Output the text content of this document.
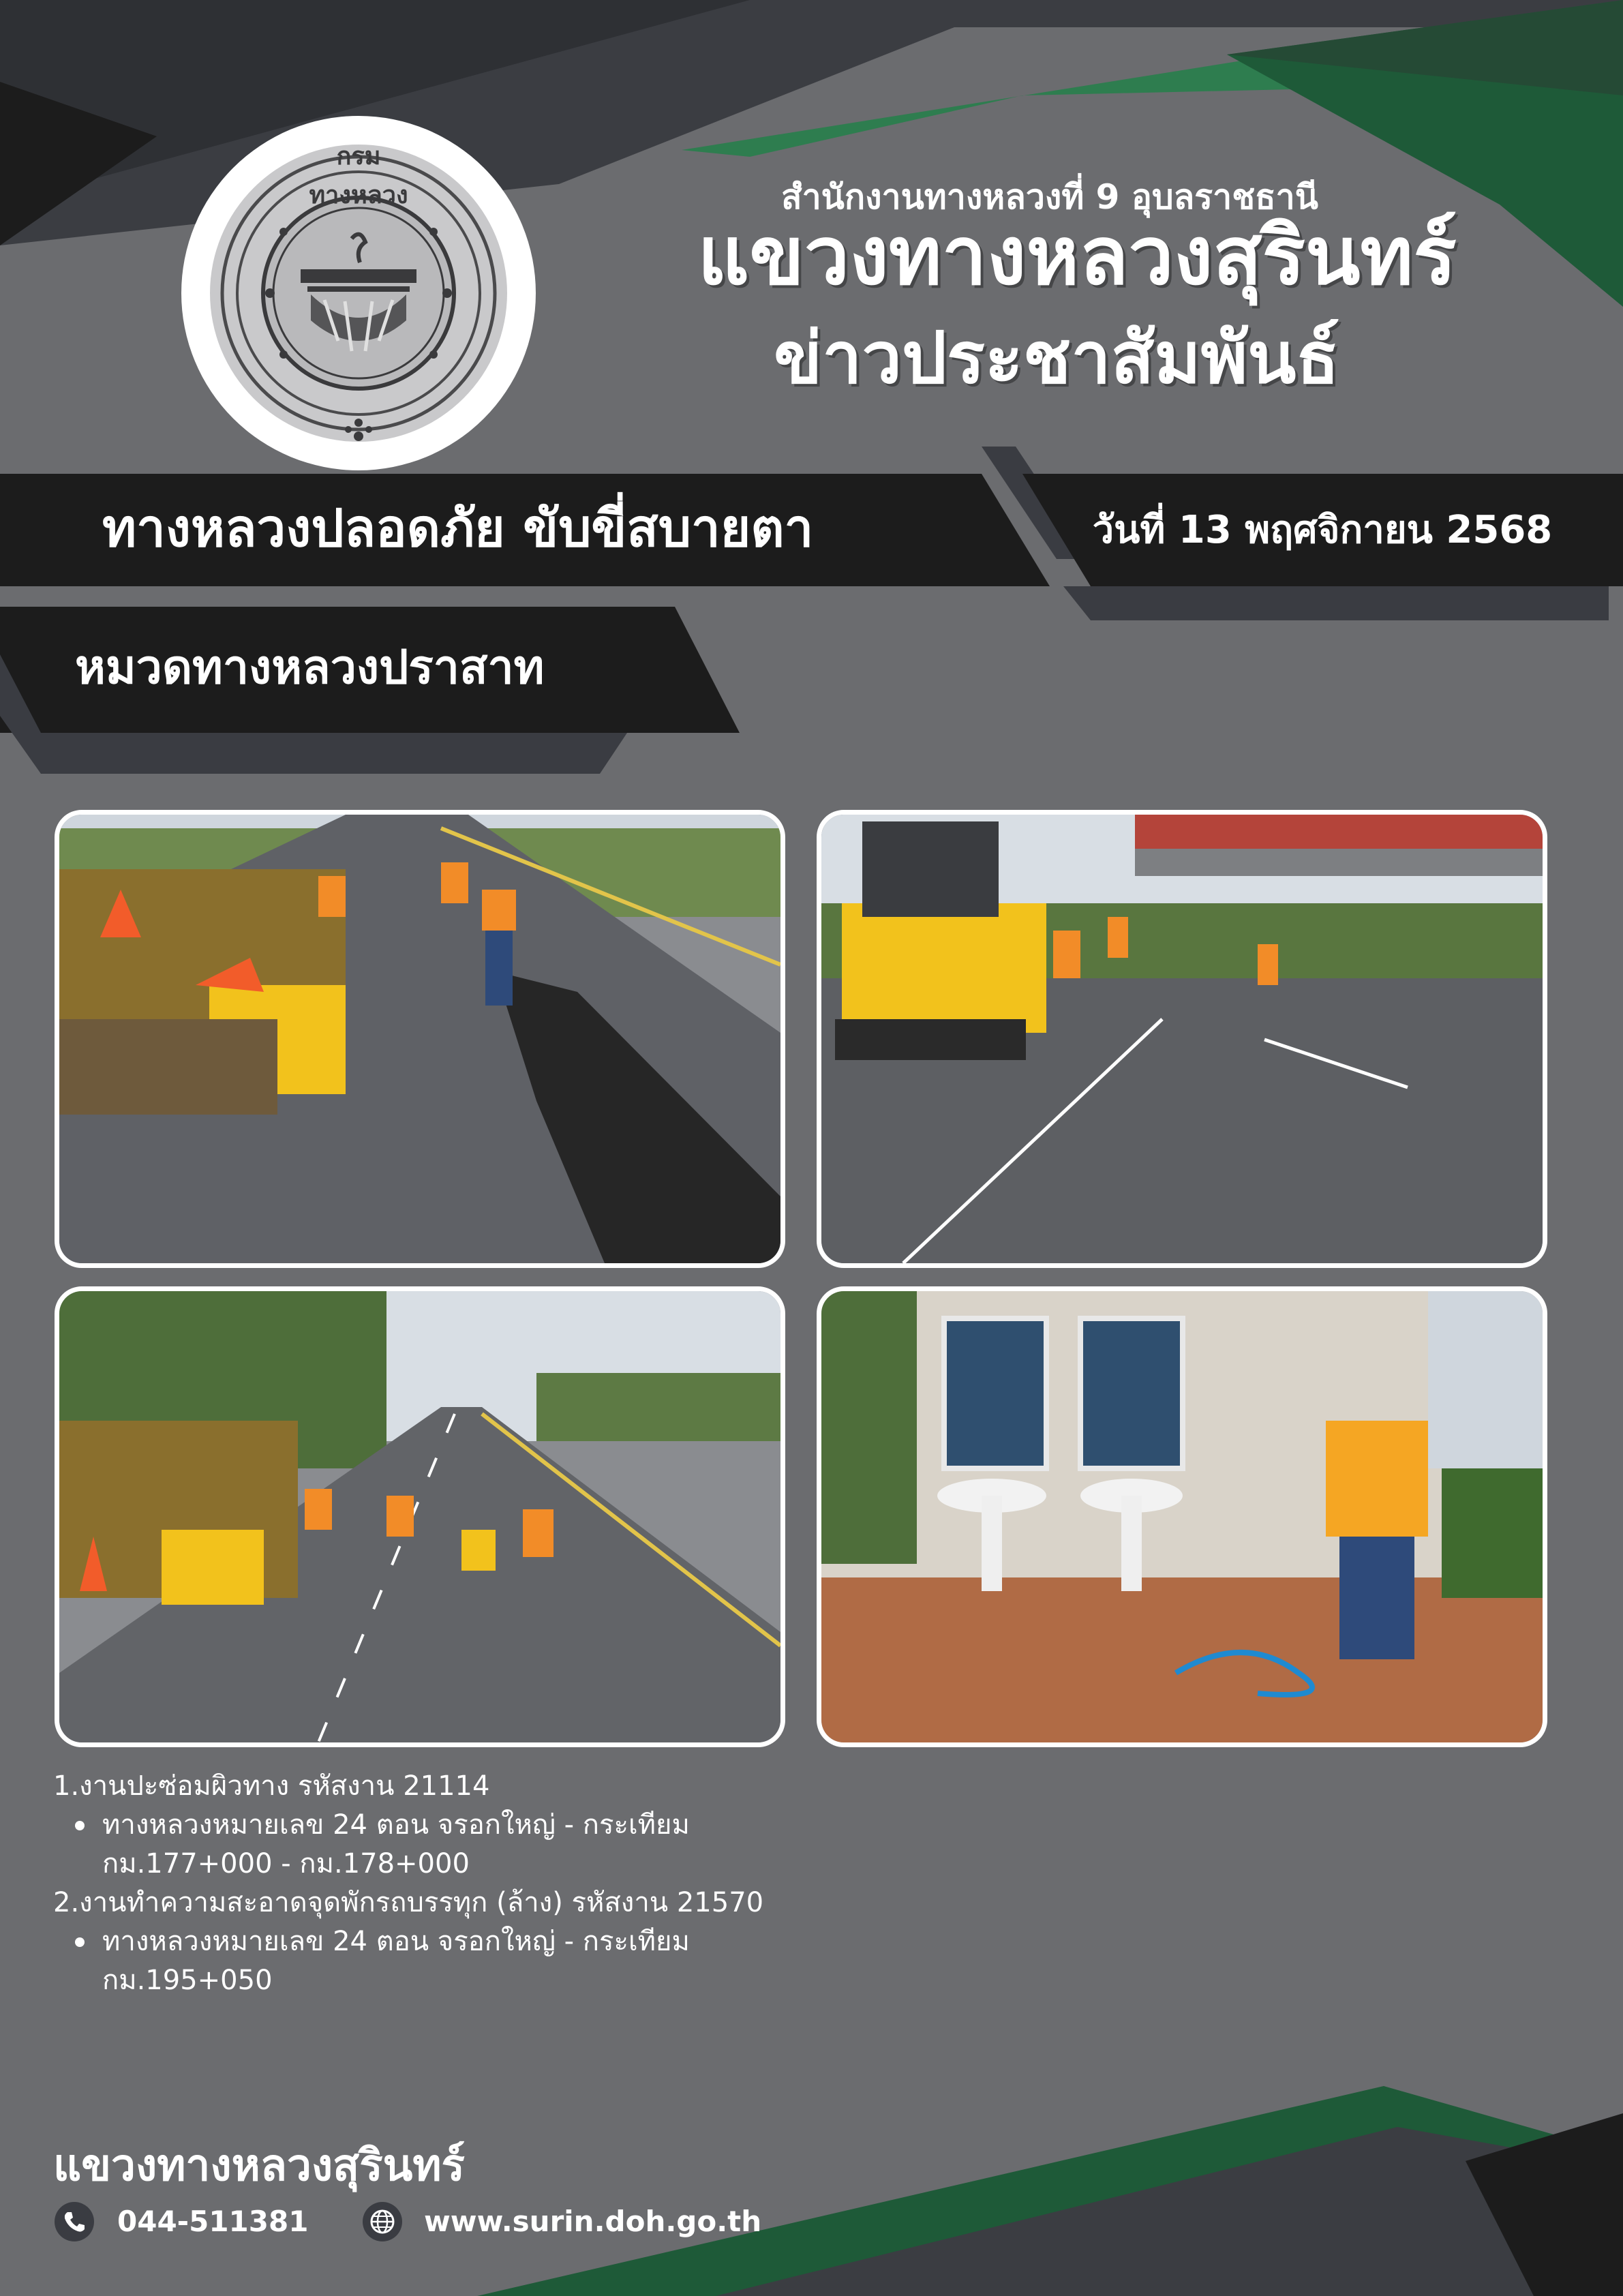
กรมทางหลวง	สำนักงานทางหลวงที่ 9 อุบลราชธานี
แขวงทางหลวงสุรินทร์
ข่าวประชาสัมพันธ์
ทางหลวงปลอดภัย ขับขี่สบายตา	วันที่ 13 พฤศจิกายน 2568
หมวดทางหลวงปราสาท
1.งานปะซ่อมผิวทาง รหัสงาน 21114
ทางหลวงหมายเลข 24 ตอน จรอกใหญ่ - กระเทียม
กม.177+000 - กม.178+000
2.งานทำความสะอาดจุดพักรถบรรทุก (ล้าง) รหัสงาน 21570
ทางหลวงหมายเลข 24 ตอน จรอกใหญ่ - กระเทียม
กม.195+050
แขวงทางหลวงสุรินทร์
044-511381	www.surin.doh.go.th
